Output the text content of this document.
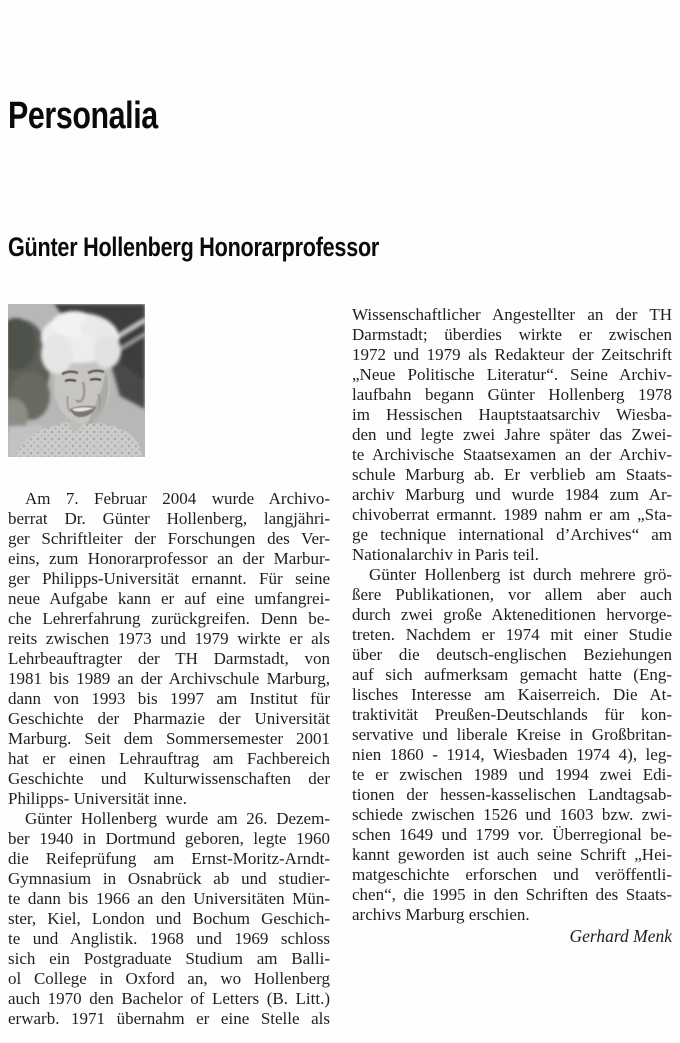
Personalia
Günter Hollenberg Honorarprofessor
Am 7. Februar 2004 wurde Archivo-
berrat Dr. Günter Hollenberg, langjähri-
ger Schriftleiter der Forschungen des Ver-
eins, zum Honorarprofessor an der Marbur-
ger Philipps-Universität ernannt. Für seine
neue Aufgabe kann er auf eine umfangrei-
che Lehrerfahrung zurückgreifen. Denn be-
reits zwischen 1973 und 1979 wirkte er als
Lehrbeauftragter der TH Darmstadt, von
1981 bis 1989 an der Archivschule Marburg,
dann von 1993 bis 1997 am Institut für
Geschichte der Pharmazie der Universität
Marburg. Seit dem Sommersemester 2001
hat er einen Lehrauftrag am Fachbereich
Geschichte und Kulturwissenschaften der
Philipps- Universität inne.
Günter Hollenberg wurde am 26. Dezem-
ber 1940 in Dortmund geboren, legte 1960
die Reifeprüfung am Ernst-Moritz-Arndt-
Gymnasium in Osnabrück ab und studier-
te dann bis 1966 an den Universitäten Mün-
ster, Kiel, London und Bochum Geschich-
te und Anglistik. 1968 und 1969 schloss
sich ein Postgraduate Studium am Balli-
ol College in Oxford an, wo Hollenberg
auch 1970 den Bachelor of Letters (B. Litt.)
erwarb. 1971 übernahm er eine Stelle als
Wissenschaftlicher Angestellter an der TH
Darmstadt; überdies wirkte er zwischen
1972 und 1979 als Redakteur der Zeitschrift
„Neue Politische Literatur“. Seine Archiv-
laufbahn begann Günter Hollenberg 1978
im Hessischen Hauptstaatsarchiv Wiesba-
den und legte zwei Jahre später das Zwei-
te Archivische Staatsexamen an der Archiv-
schule Marburg ab. Er verblieb am Staats-
archiv Marburg und wurde 1984 zum Ar-
chivoberrat ermannt. 1989 nahm er am „Sta-
ge technique international d’Archives“ am
Nationalarchiv in Paris teil.
Günter Hollenberg ist durch mehrere grö-
ßere Publikationen, vor allem aber auch
durch zwei große Akteneditionen hervorge-
treten. Nachdem er 1974 mit einer Studie
über die deutsch-englischen Beziehungen
auf sich aufmerksam gemacht hatte (Eng-
lisches Interesse am Kaiserreich. Die At-
traktivität Preußen-Deutschlands für kon-
servative und liberale Kreise in Großbritan-
nien 1860 - 1914, Wiesbaden 1974 4), leg-
te er zwischen 1989 und 1994 zwei Edi-
tionen der hessen-kasselischen Landtagsab-
schiede zwischen 1526 und 1603 bzw. zwi-
schen 1649 und 1799 vor. Überregional be-
kannt geworden ist auch seine Schrift „Hei-
matgeschichte erforschen und veröffentli-
chen“, die 1995 in den Schriften des Staats-
archivs Marburg erschien.
Gerhard Menk
